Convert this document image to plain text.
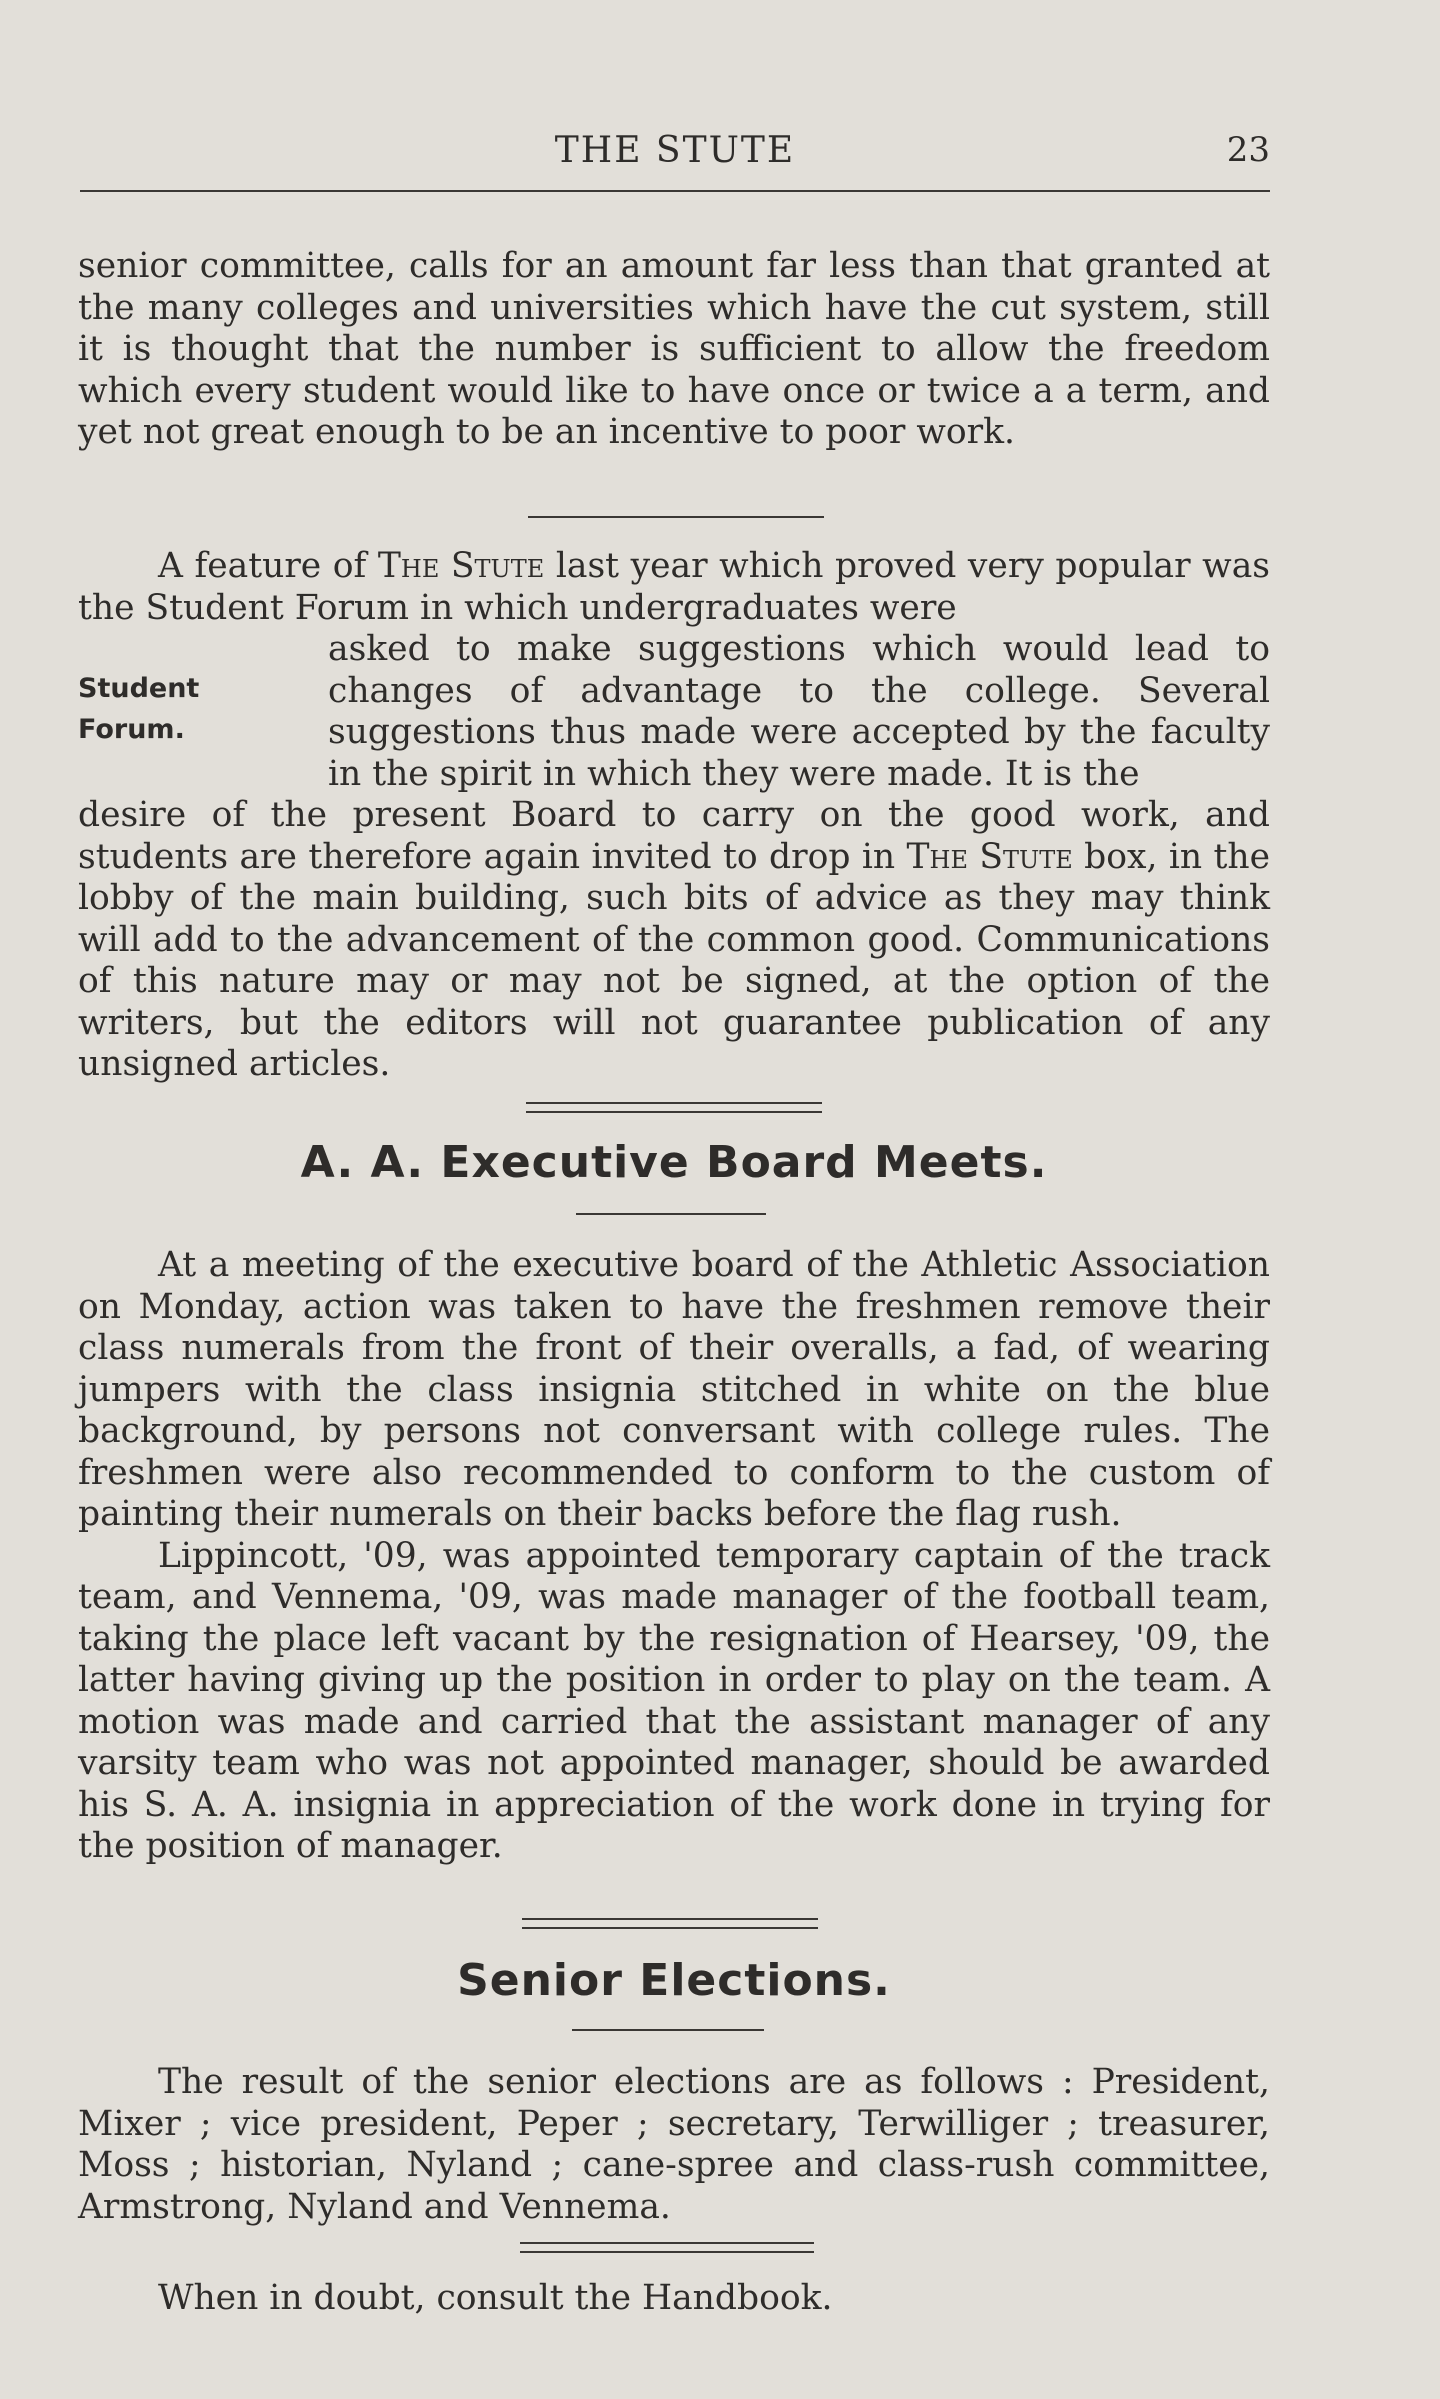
THE STUTE	23

senior committee, calls for an amount far less than that granted at the many colleges and universities which have the cut system, still it is thought that the number is sufficient to allow the freedom which every student would like to have once or twice a a term, and yet not great enough to be an incentive to poor work.

A feature of The Stute last year which proved very popular was the Student Forum in which undergraduates were

Student
Forum.
asked to make suggestions which would lead to changes of advantage to the college. Several suggestions thus made were accepted by the faculty in the spirit in which they were made. It is the

desire of the present Board to carry on the good work, and students are therefore again invited to drop in The Stute box, in the lobby of the main building, such bits of advice as they may think will add to the advancement of the common good. Communications of this nature may or may not be signed, at the option of the writers, but the editors will not guarantee publication of any unsigned articles.

A. A. Executive Board Meets.

At a meeting of the executive board of the Athletic Association on Monday, action was taken to have the freshmen remove their class numerals from the front of their overalls, a fad, of wearing jumpers with the class insignia stitched in white on the blue background, by persons not conversant with college rules. The freshmen were also recommended to conform to the custom of painting their numerals on their backs before the flag rush.

Lippincott, '09, was appointed temporary captain of the track team, and Vennema, '09, was made manager of the football team, taking the place left vacant by the resignation of Hearsey, '09, the latter having giving up the position in order to play on the team. A motion was made and carried that the assistant manager of any varsity team who was not appointed manager, should be awarded his S. A. A. insignia in appreciation of the work done in trying for the position of manager.

Senior Elections.

The result of the senior elections are as follows : President, Mixer ; vice president, Peper ; secretary, Terwilliger ; treasurer, Moss ; historian, Nyland ; cane-spree and class-rush committee, Armstrong, Nyland and Vennema.

When in doubt, consult the Handbook.
